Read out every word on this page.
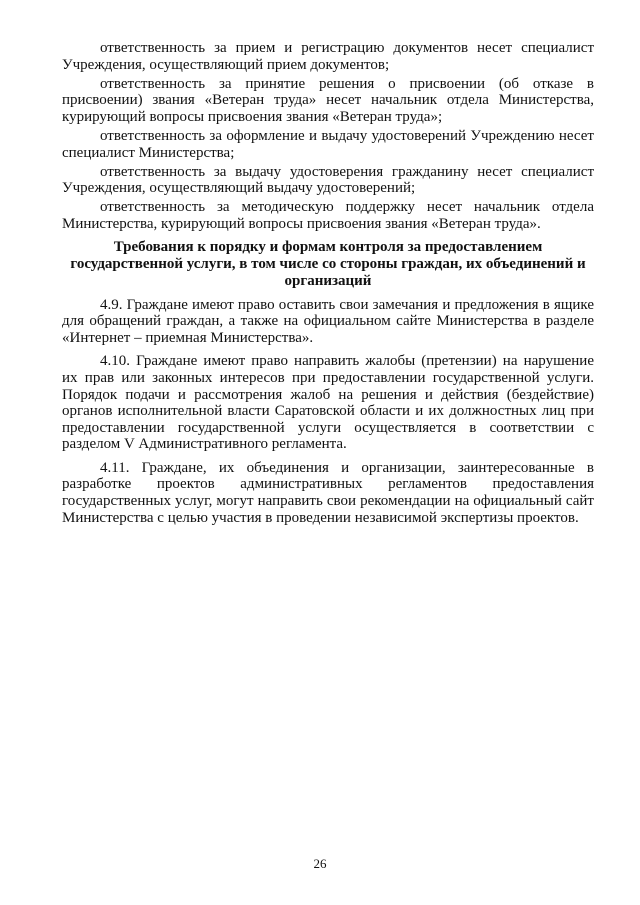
ответственность за прием и регистрацию документов несет специалист Учреждения, осуществляющий прием документов;

ответственность за принятие решения о присвоении (об отказе в присвоении) звания «Ветеран труда» несет начальник отдела Министерства, курирующий вопросы присвоения звания «Ветеран труда»;

ответственность за оформление и выдачу удостоверений Учреждению несет специалист Министерства;

ответственность за выдачу удостоверения гражданину несет специалист Учреждения, осуществляющий выдачу удостоверений;

ответственность за методическую поддержку несет начальник отдела Министерства, курирующий вопросы присвоения звания «Ветеран труда».

Требования к порядку и формам контроля за предоставлением государственной услуги, в том числе со стороны граждан, их объединений и организаций

4.9. Граждане имеют право оставить свои замечания и предложения в ящике для обращений граждан, а также на официальном сайте Министерства в разделе «Интернет – приемная Министерства».

4.10. Граждане имеют право направить жалобы (претензии) на нарушение их прав или законных интересов при предоставлении государственной услуги. Порядок подачи и рассмотрения жалоб на решения и действия (бездействие) органов исполнительной власти Саратовской области и их должностных лиц при предоставлении государственной услуги осуществляется в соответствии с разделом V Административного регламента.

4.11. Граждане, их объединения и организации, заинтересованные в разработке проектов административных регламентов предоставления государственных услуг, могут направить свои рекомендации на официальный сайт Министерства с целью участия в проведении независимой экспертизы проектов.

26
